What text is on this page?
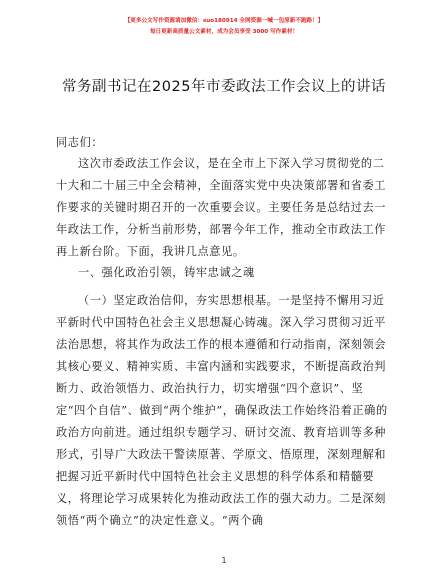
【更多公文写作资源请加微信：suo180914 全网资源一喊一包原新不跑路！】
每日更新高质量公文素材，成为会员享受 3000 写作素材！
常务副书记在2025年市委政法工作会议上的讲话
同志们：
这次市委政法工作会议，是在全市上下深入学习贯彻党的二十大和二十届三中全会精神，全面落实党中央决策部署和省委工作要求的关键时期召开的一次重要会议。主要任务是总结过去一年政法工作，分析当前形势，部署今年工作，推动全市政法工作再上新台阶。下面，我讲几点意见。
一、强化政治引领，铸牢忠诚之魂
（一）坚定政治信仰，夯实思想根基。一是坚持不懈用习近平新时代中国特色社会主义思想凝心铸魂。深入学习贯彻习近平法治思想，将其作为政法工作的根本遵循和行动指南，深刻领会其核心要义、精神实质、丰富内涵和实践要求，不断提高政治判断力、政治领悟力、政治执行力，切实增强“四个意识”、坚定“四个自信”、做到“两个维护”，确保政法工作始终沿着正确的政治方向前进。通过组织专题学习、研讨交流、教育培训等多种形式，引导广大政法干警读原著、学原文、悟原理，深刻理解和把握习近平新时代中国特色社会主义思想的科学体系和精髓要义，将理论学习成果转化为推动政法工作的强大动力。二是深刻领悟“两个确立”的决定性意义。“两个确
1
